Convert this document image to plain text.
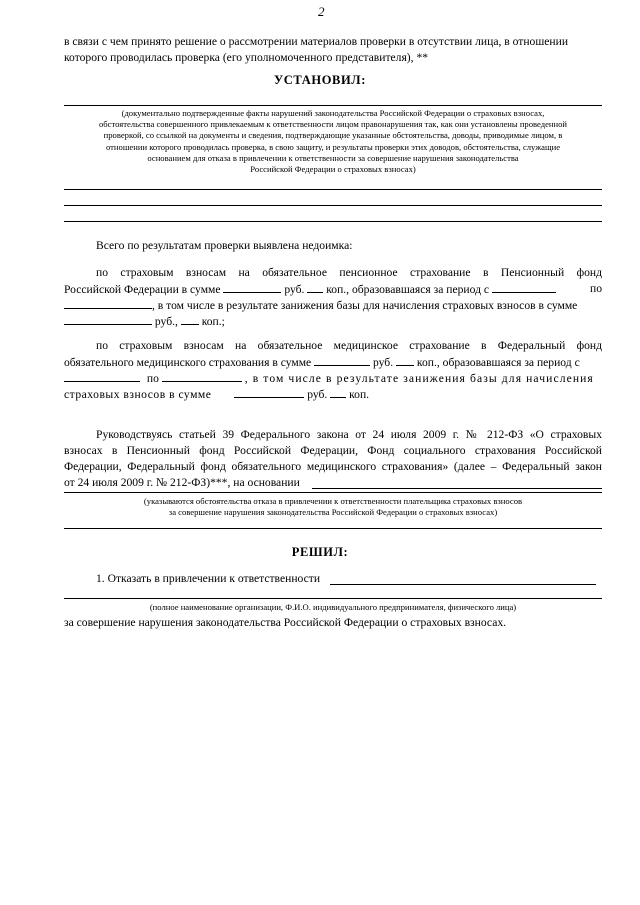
2
в связи с чем принято решение о рассмотрении материалов проверки в отсутствии лица, в отношении
которого проводилась проверка (его уполномоченного представителя), **
УСТАНОВИЛ:
(документально подтвержденные факты нарушений законодательства Российской Федерации о страховых взносах,
обстоятельства совершенного привлекаемым к ответственности лицом правонарушения так, как они установлены проведенной
проверкой, со ссылкой на документы и сведения, подтверждающие указанные обстоятельства, доводы, приводимые лицом, в
отношении которого проводилась проверка, в свою защиту, и результаты проверки этих доводов, обстоятельства, служащие
основанием для отказа в привлечении к ответственности за совершение нарушения законодательства
Российской Федерации о страховых взносах)
Всего по результатам проверки выявлена недоимка:
по страховым взносам на обязательное пенсионное страхование в Пенсионный фонд
Российской Федерации в сумме	руб. коп., образовавшаяся за период с	по
, в том числе в результате занижения базы для начисления страховых взносов в сумме
руб., коп.;
по страховым взносам на обязательное медицинское страхование в Федеральный фонд
обязательного медицинского страхования в сумме	руб. коп., образовавшаяся за период с
по	, в том числе в результате занижения базы для начисления
страховых взносов в сумме	руб. коп.
Руководствуясь статьей 39 Федерального закона от 24 июля 2009 г. № 212-ФЗ «О страховых
взносах в Пенсионный фонд Российской Федерации, Фонд социального страхования Российской
Федерации, Федеральный фонд обязательного медицинского страхования» (далее – Федеральный закон
от 24 июля 2009 г. № 212-ФЗ)***, на основании
(указываются обстоятельства отказа в привлечении к ответственности плательщика страховых взносов
за совершение нарушения законодательства Российской Федерации о страховых взносах)
РЕШИЛ:
1. Отказать в привлечении к ответственности
(полное наименование организации, Ф.И.О. индивидуального предпринимателя, физического лица)
за совершение нарушения законодательства Российской Федерации о страховых взносах.
